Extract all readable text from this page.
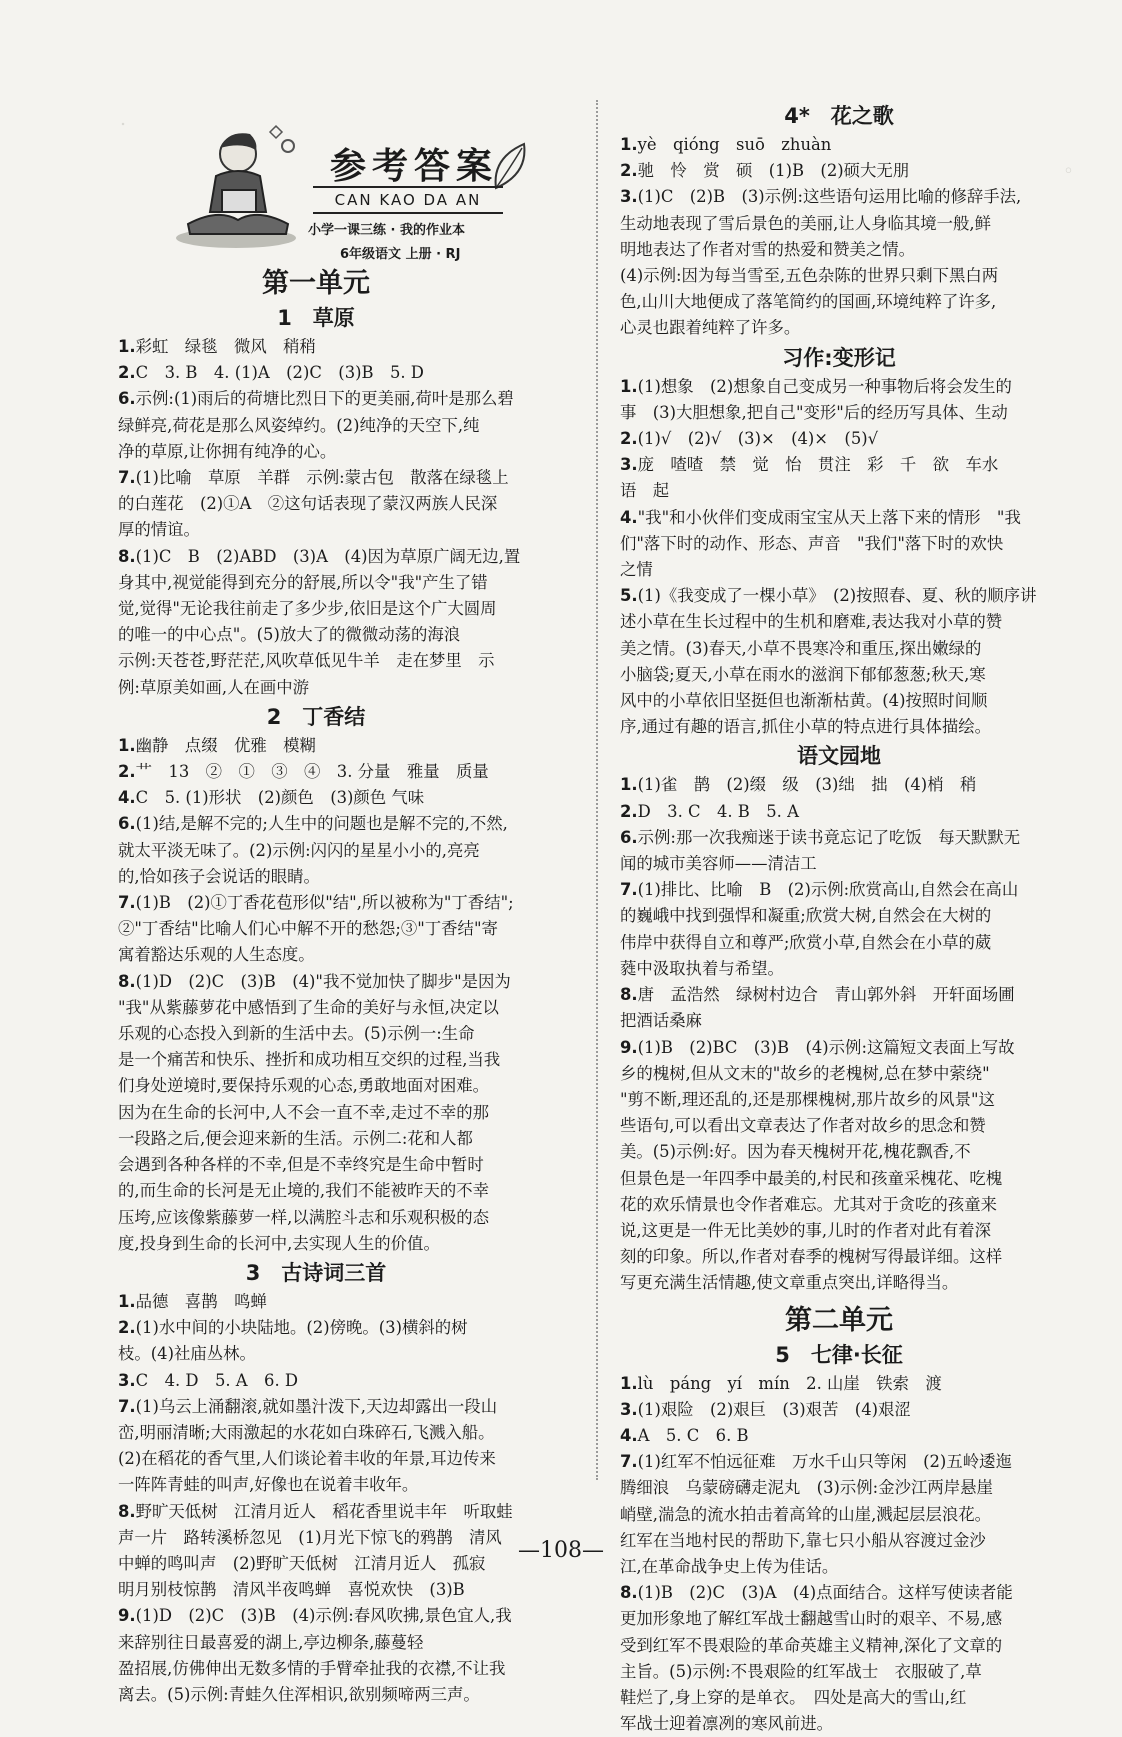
.　　　　　　　　　　　　　　　　　　
。

参考答案
CAN KAO DA AN
小学一课三练 · 我的作业本
6年级语文 上册 · RJ
第一单元
1　草原
1.彩虹　绿毯　微风　稍稍
2.C　3. B　4. (1)A　(2)C　(3)B　5. D
6.示例:(1)雨后的荷塘比烈日下的更美丽,荷叶是那么碧
绿鲜亮,荷花是那么风姿绰约。(2)纯净的天空下,纯
净的草原,让你拥有纯净的心。
7.(1)比喻　草原　羊群　示例:蒙古包　散落在绿毯上
的白莲花　(2)①A　②这句话表现了蒙汉两族人民深
厚的情谊。
8.(1)C　B　(2)ABD　(3)A　(4)因为草原广阔无边,置
身其中,视觉能得到充分的舒展,所以令"我"产生了错
觉,觉得"无论我往前走了多少步,依旧是这个广大圆周
的唯一的中心点"。(5)放大了的微微动荡的海浪
示例:天苍苍,野茫茫,风吹草低见牛羊　走在梦里　示
例:草原美如画,人在画中游
2　丁香结
1.幽静　点缀　优雅　模糊
2.艹　13　②　①　③　④　3. 分量　雅量　质量
4.C　5. (1)形状　(2)颜色　(3)颜色 气味
6.(1)结,是解不完的;人生中的问题也是解不完的,不然,
就太平淡无味了。(2)示例:闪闪的星星小小的,亮亮
的,恰如孩子会说话的眼睛。
7.(1)B　(2)①丁香花苞形似"结",所以被称为"丁香结";
②"丁香结"比喻人们心中解不开的愁怨;③"丁香结"寄
寓着豁达乐观的人生态度。
8.(1)D　(2)C　(3)B　(4)"我不觉加快了脚步"是因为
"我"从紫藤萝花中感悟到了生命的美好与永恒,决定以
乐观的心态投入到新的生活中去。(5)示例一:生命
是一个痛苦和快乐、挫折和成功相互交织的过程,当我
们身处逆境时,要保持乐观的心态,勇敢地面对困难。
因为在生命的长河中,人不会一直不幸,走过不幸的那
一段路之后,便会迎来新的生活。示例二:花和人都
会遇到各种各样的不幸,但是不幸终究是生命中暂时
的,而生命的长河是无止境的,我们不能被昨天的不幸
压垮,应该像紫藤萝一样,以满腔斗志和乐观积极的态
度,投身到生命的长河中,去实现人生的价值。
3　古诗词三首
1.品德　喜鹊　鸣蝉
2.(1)水中间的小块陆地。(2)傍晚。(3)横斜的树
枝。(4)社庙丛林。
3.C　4. D　5. A　6. D
7.(1)乌云上涌翻滚,就如墨汁泼下,天边却露出一段山
峦,明丽清晰;大雨激起的水花如白珠碎石,飞溅入船。
(2)在稻花的香气里,人们谈论着丰收的年景,耳边传来
一阵阵青蛙的叫声,好像也在说着丰收年。
8.野旷天低树　江清月近人　稻花香里说丰年　听取蛙
声一片　路转溪桥忽见　(1)月光下惊飞的鸦鹊　清风
中蝉的鸣叫声　(2)野旷天低树　江清月近人　孤寂
明月别枝惊鹊　清风半夜鸣蝉　喜悦欢快　(3)B
9.(1)D　(2)C　(3)B　(4)示例:春风吹拂,景色宜人,我
来辞别往日最喜爱的湖上,亭边柳条,藤蔓轻
盈招展,仿佛伸出无数多情的手臂牵扯我的衣襟,不让我
离去。(5)示例:青蛙久住浑相识,欲别频啼两三声。
4*　花之歌
1.yè　qióng　suō　zhuàn
2.驰　怜　赏　硕　(1)B　(2)硕大无朋
3.(1)C　(2)B　(3)示例:这些语句运用比喻的修辞手法,
生动地表现了雪后景色的美丽,让人身临其境一般,鲜
明地表达了作者对雪的热爱和赞美之情。
(4)示例:因为每当雪至,五色杂陈的世界只剩下黑白两
色,山川大地便成了落笔简约的国画,环境纯粹了许多,
心灵也跟着纯粹了许多。
习作:变形记
1.(1)想象　(2)想象自己变成另一种事物后将会发生的
事　(3)大胆想象,把自己"变形"后的经历写具体、生动
2.(1)√　(2)√　(3)×　(4)×　(5)√
3.庞　喳喳　禁　觉　怡　贯注　彩　千　欲　车水
语　起
4."我"和小伙伴们变成雨宝宝从天上落下来的情形　"我
们"落下时的动作、形态、声音　"我们"落下时的欢快
之情
5.(1)《我变成了一棵小草》　(2)按照春、夏、秋的顺序讲
述小草在生长过程中的生机和磨难,表达我对小草的赞
美之情。(3)春天,小草不畏寒冷和重压,探出嫩绿的
小脑袋;夏天,小草在雨水的滋润下郁郁葱葱;秋天,寒
风中的小草依旧坚挺但也渐渐枯黄。(4)按照时间顺
序,通过有趣的语言,抓住小草的特点进行具体描绘。
语文园地
1.(1)雀　鹊　(2)缀　级　(3)绌　拙　(4)梢　稍
2.D　3. C　4. B　5. A
6.示例:那一次我痴迷于读书竟忘记了吃饭　每天默默无
闻的城市美容师——清洁工
7.(1)排比、比喻　B　(2)示例:欣赏高山,自然会在高山
的巍峨中找到强悍和凝重;欣赏大树,自然会在大树的
伟岸中获得自立和尊严;欣赏小草,自然会在小草的葳
蕤中汲取执着与希望。
8.唐　孟浩然　绿树村边合　青山郭外斜　开轩面场圃
把酒话桑麻
9.(1)B　(2)BC　(3)B　(4)示例:这篇短文表面上写故
乡的槐树,但从文末的"故乡的老槐树,总在梦中萦绕"
"剪不断,理还乱的,还是那棵槐树,那片故乡的风景"这
些语句,可以看出文章表达了作者对故乡的思念和赞
美。(5)示例:好。因为春天槐树开花,槐花飘香,不
但景色是一年四季中最美的,村民和孩童采槐花、吃槐
花的欢乐情景也令作者难忘。尤其对于贪吃的孩童来
说,这更是一件无比美妙的事,儿时的作者对此有着深
刻的印象。所以,作者对春季的槐树写得最详细。这样
写更充满生活情趣,使文章重点突出,详略得当。
第二单元
5　七律·长征
1.lù　páng　yí　mín　2. 山崖　铁索　渡
3.(1)艰险　(2)艰巨　(3)艰苦　(4)艰涩
4.A　5. C　6. B
7.(1)红军不怕远征难　万水千山只等闲　(2)五岭逶迤
腾细浪　乌蒙磅礴走泥丸　(3)示例:金沙江两岸悬崖
峭壁,湍急的流水拍击着高耸的山崖,溅起层层浪花。
红军在当地村民的帮助下,靠七只小船从容渡过金沙
江,在革命战争史上传为佳话。
8.(1)B　(2)C　(3)A　(4)点面结合。这样写使读者能
更加形象地了解红军战士翻越雪山时的艰辛、不易,感
受到红军不畏艰险的革命英雄主义精神,深化了文章的
主旨。(5)示例:不畏艰险的红军战士　衣服破了,草
鞋烂了,身上穿的是单衣。　四处是高大的雪山,红
军战士迎着凛冽的寒风前进。
—108—
